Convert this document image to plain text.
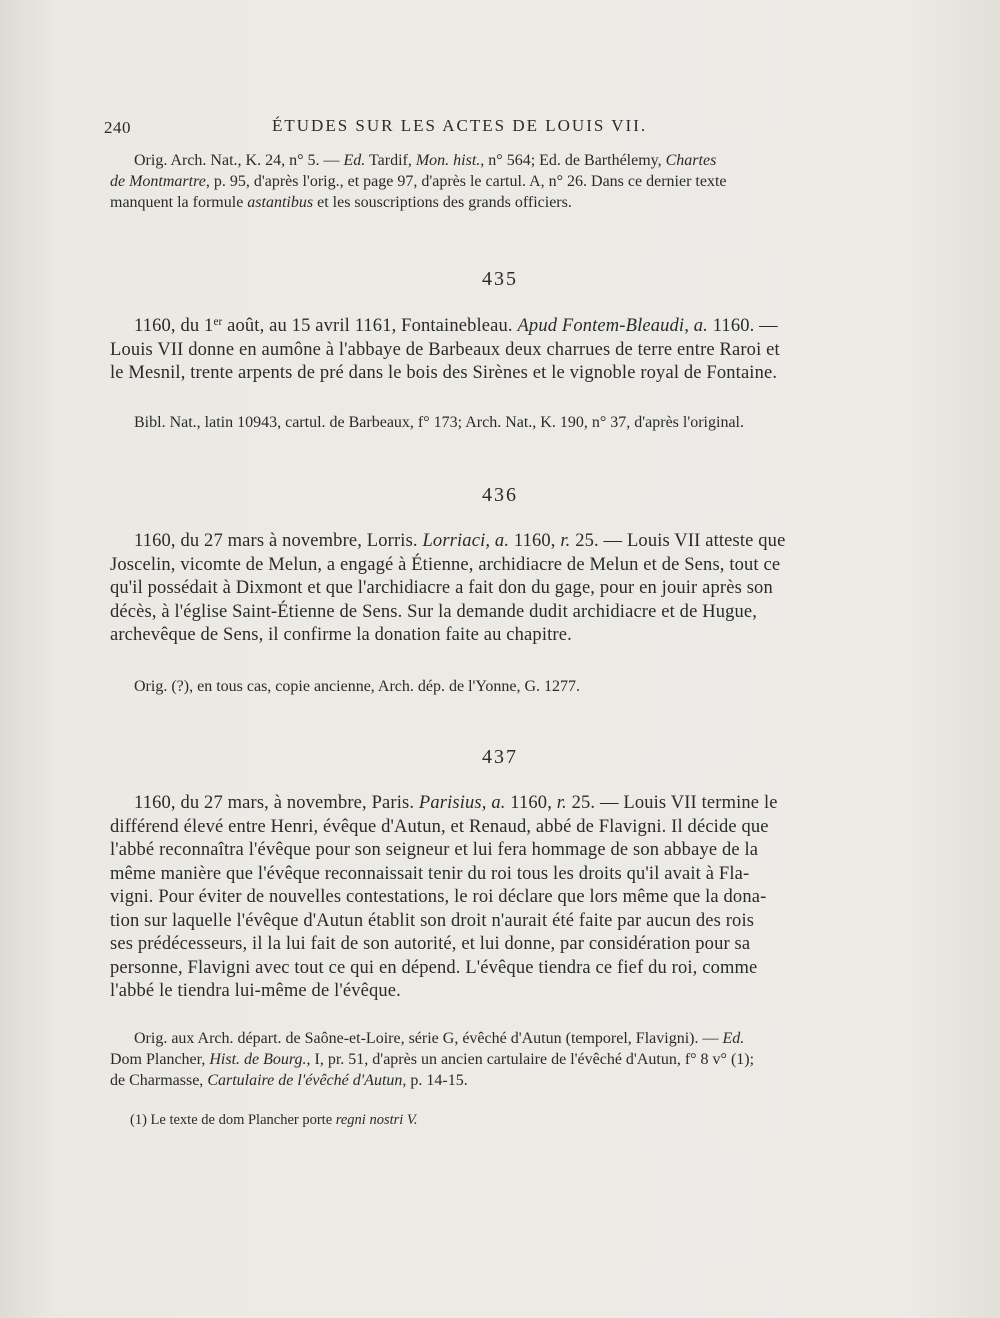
240	ÉTUDES SUR LES ACTES DE LOUIS VII.
Orig. Arch. Nat., K. 24, n° 5. — Ed. Tardif, Mon. hist., n° 564; Ed. de Barthélemy, Chartes
de Montmartre, p. 95, d'après l'orig., et page 97, d'après le cartul. A, n° 26. Dans ce dernier texte
manquent la formule astantibus et les souscriptions des grands officiers.
435
1160, du 1er août, au 15 avril 1161, Fontainebleau. Apud Fontem-Bleaudi, a. 1160. —
Louis VII donne en aumône à l'abbaye de Barbeaux deux charrues de terre entre Raroi et
le Mesnil, trente arpents de pré dans le bois des Sirènes et le vignoble royal de Fontaine.
Bibl. Nat., latin 10943, cartul. de Barbeaux, f° 173; Arch. Nat., K. 190, n° 37, d'après l'original.
436
1160, du 27 mars à novembre, Lorris. Lorriaci, a. 1160, r. 25. — Louis VII atteste que
Joscelin, vicomte de Melun, a engagé à Étienne, archidiacre de Melun et de Sens, tout ce
qu'il possédait à Dixmont et que l'archidiacre a fait don du gage, pour en jouir après son
décès, à l'église Saint-Étienne de Sens. Sur la demande dudit archidiacre et de Hugue,
archevêque de Sens, il confirme la donation faite au chapitre.
Orig. (?), en tous cas, copie ancienne, Arch. dép. de l'Yonne, G. 1277.
437
1160, du 27 mars, à novembre, Paris. Parisius, a. 1160, r. 25. — Louis VII termine le
différend élevé entre Henri, évêque d'Autun, et Renaud, abbé de Flavigni. Il décide que
l'abbé reconnaîtra l'évêque pour son seigneur et lui fera hommage de son abbaye de la
même manière que l'évêque reconnaissait tenir du roi tous les droits qu'il avait à Fla-
vigni. Pour éviter de nouvelles contestations, le roi déclare que lors même que la dona-
tion sur laquelle l'évêque d'Autun établit son droit n'aurait été faite par aucun des rois
ses prédécesseurs, il la lui fait de son autorité, et lui donne, par considération pour sa
personne, Flavigni avec tout ce qui en dépend. L'évêque tiendra ce fief du roi, comme
l'abbé le tiendra lui-même de l'évêque.
Orig. aux Arch. départ. de Saône-et-Loire, série G, évêché d'Autun (temporel, Flavigni). — Ed.
Dom Plancher, Hist. de Bourg., I, pr. 51, d'après un ancien cartulaire de l'évêché d'Autun, f° 8 v° (1);
de Charmasse, Cartulaire de l'évêché d'Autun, p. 14-15.
(1) Le texte de dom Plancher porte regni nostri V.
